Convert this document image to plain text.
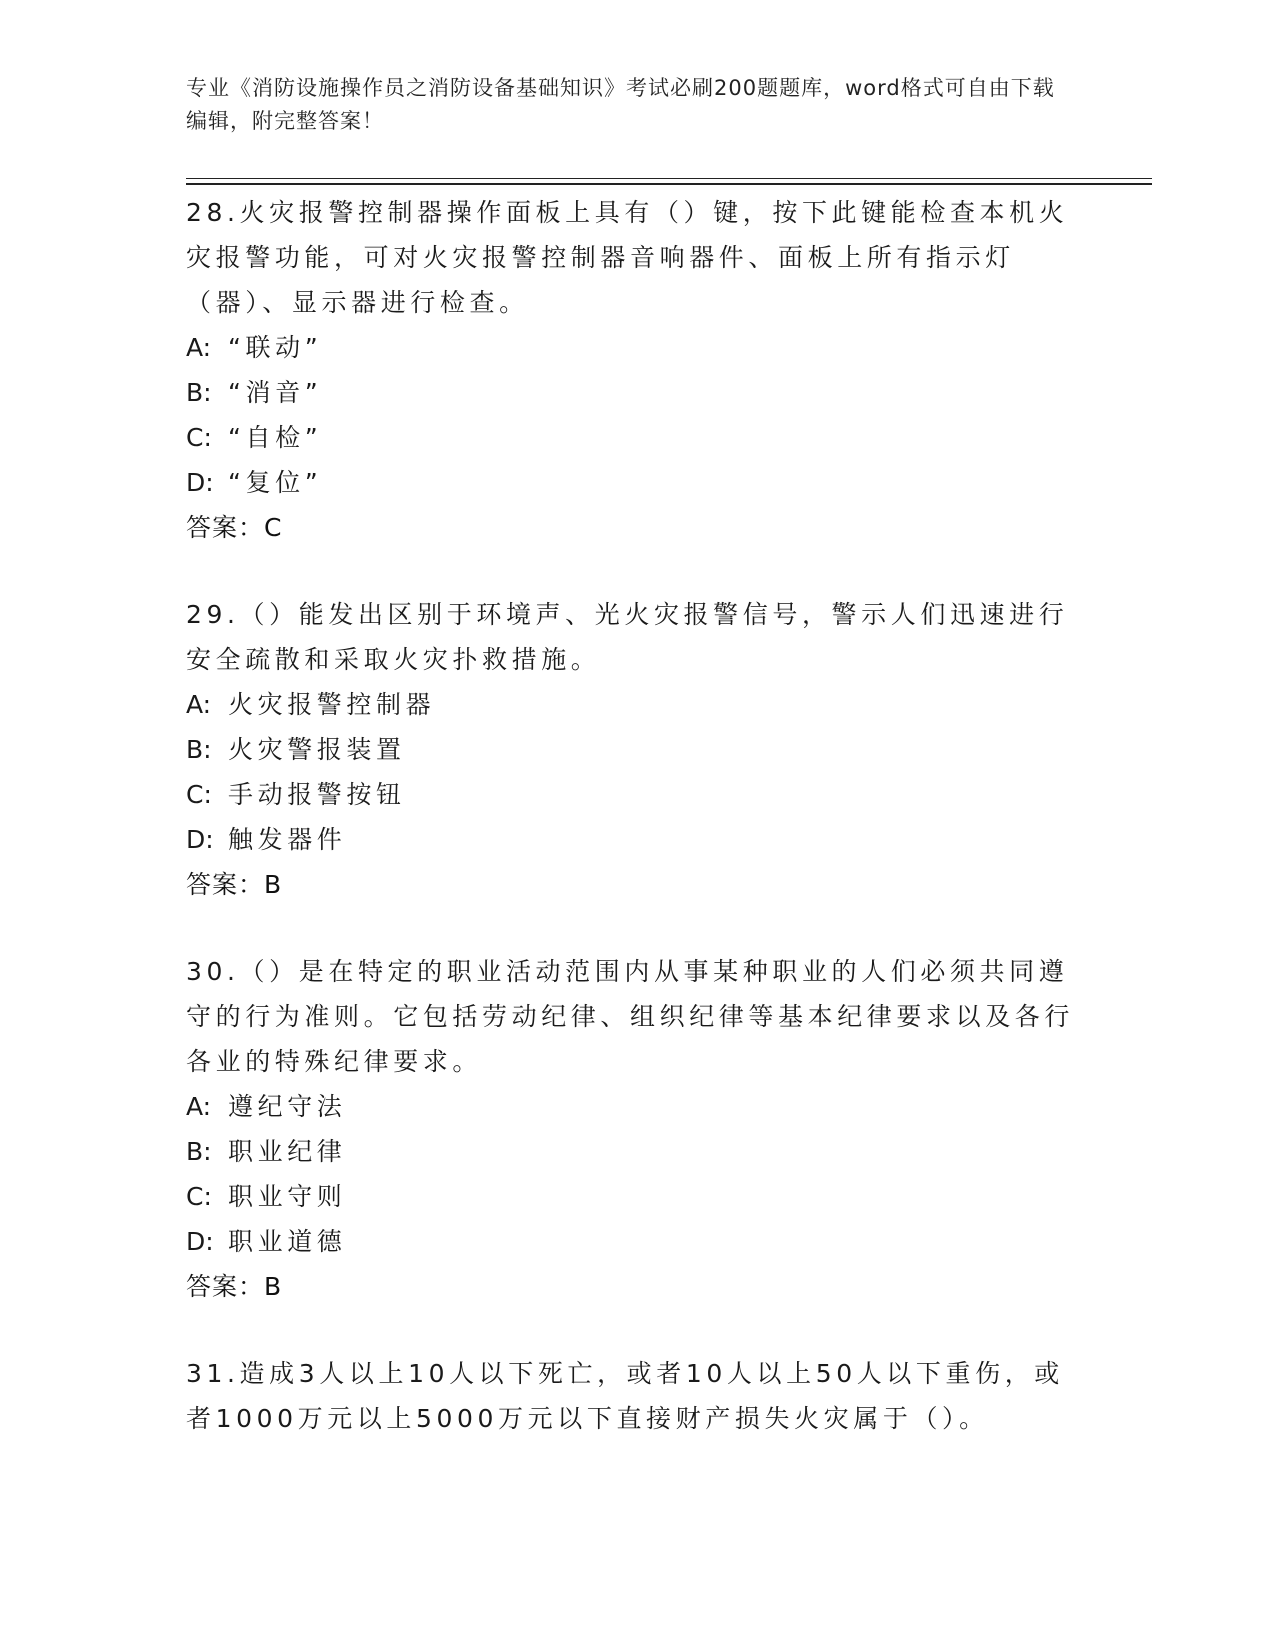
专业《消防设施操作员之消防设备基础知识》考试必刷200题题库，word格式可自由下载编辑，附完整答案！

28.火灾报警控制器操作面板上具有（）键，按下此键能检查本机火灾报警功能，可对火灾报警控制器音响器件、面板上所有指示灯（器）、显示器进行检查。

A: “联动”

B: “消音”

C: “自检”

D: “复位”

答案：C

29.（）能发出区别于环境声、光火灾报警信号，警示人们迅速进行安全疏散和采取火灾扑救措施。

A: 火灾报警控制器

B: 火灾警报装置

C: 手动报警按钮

D: 触发器件

答案：B

30.（）是在特定的职业活动范围内从事某种职业的人们必须共同遵守的行为准则。它包括劳动纪律、组织纪律等基本纪律要求以及各行各业的特殊纪律要求。

A: 遵纪守法

B: 职业纪律

C: 职业守则

D: 职业道德

答案：B

31.造成3人以上10人以下死亡，或者10人以上50人以下重伤，或者1000万元以上5000万元以下直接财产损失火灾属于（）。
